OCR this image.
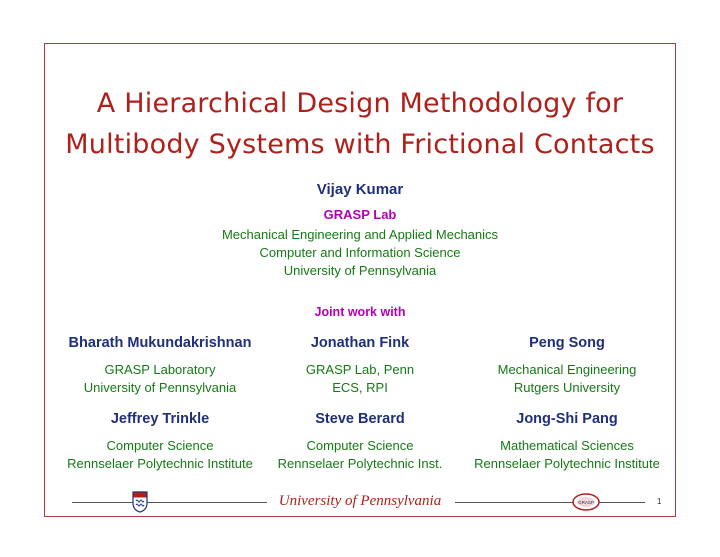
A Hierarchical Design Methodology for
Multibody Systems with Frictional Contacts
Vijay Kumar
GRASP Lab
Mechanical Engineering and Applied Mechanics
Computer and Information Science
University of Pennsylvania
Joint work with
Bharath Mukundakrishnan
GRASP Laboratory
University of Pennsylvania
Jonathan Fink
GRASP Lab, Penn
ECS, RPI
Peng Song
Mechanical Engineering
Rutgers University
Jeffrey Trinkle
Computer Science
Rennselaer Polytechnic Institute
Steve Berard
Computer Science
Rennselaer Polytechnic Inst.
Jong-Shi Pang
Mathematical Sciences
Rennselaer Polytechnic Institute
University of Pennsylvania	GRASP	1
